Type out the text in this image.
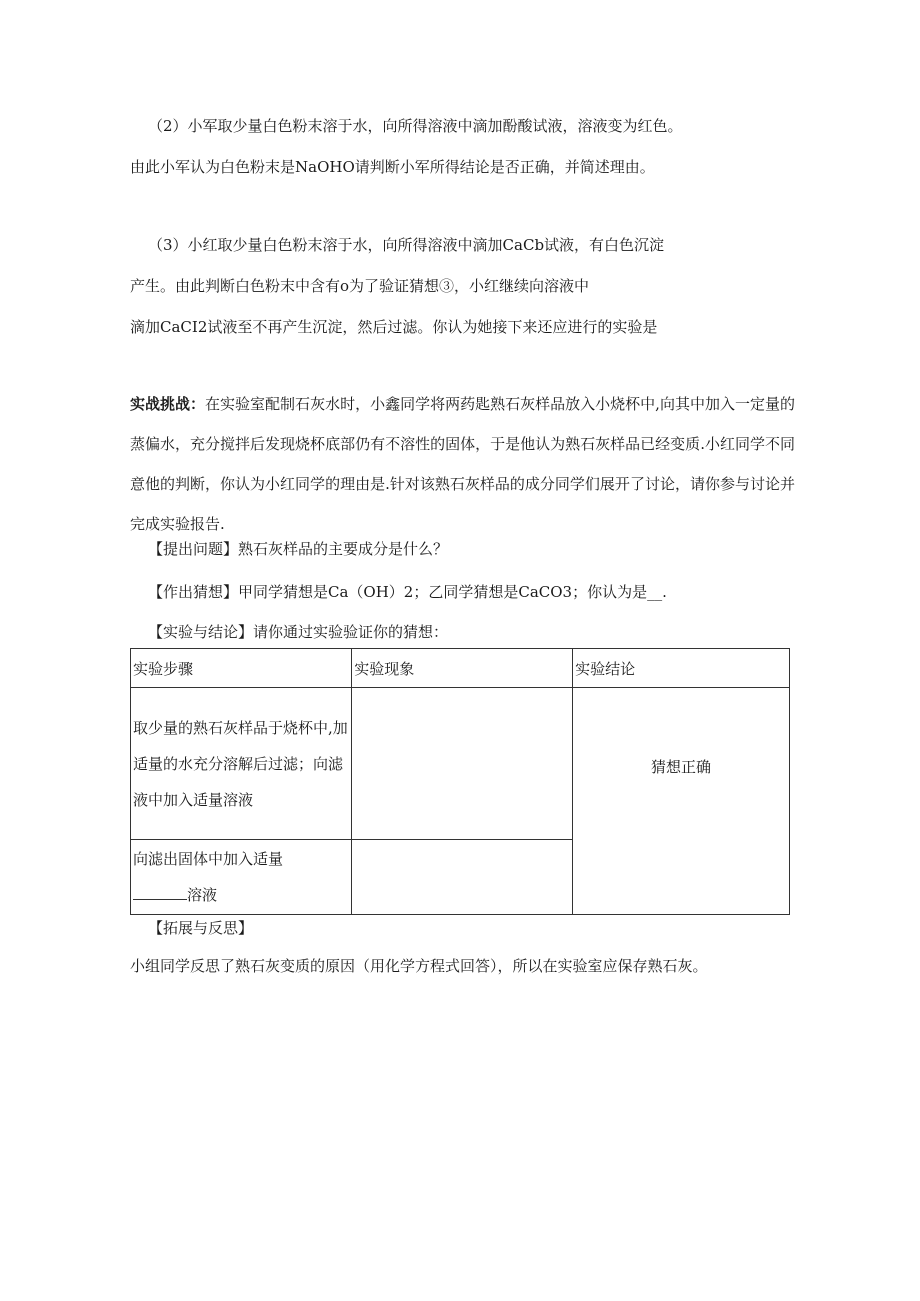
（2）小军取少量白色粉末溶于水，向所得溶液中滴加酚酸试液，溶液变为红色。
由此小军认为白色粉末是NaOHO请判断小军所得结论是否正确，并简述理由。
（3）小红取少量白色粉末溶于水，向所得溶液中滴加CaCb试液，有白色沉淀
产生。由此判断白色粉末中含有o为了验证猜想③，小红继续向溶液中
滴加CaCI2试液至不再产生沉淀，然后过滤。你认为她接下来还应进行的实验是
实战挑战：在实验室配制石灰水时，小鑫同学将两药匙熟石灰样品放入小烧杯中,向其中加入一定量的蒸偏水，充分搅拌后发现烧杯底部仍有不溶性的固体，于是他认为熟石灰样品已经变质.小红同学不同意他的判断，你认为小红同学的理由是.针对该熟石灰样品的成分同学们展开了讨论，请你参与讨论并完成实验报告.
【提出问题】熟石灰样品的主要成分是什么？
【作出猜想】甲同学猜想是Ca（OH）2；乙同学猜想是CaCO3；你认为是__.
【实验与结论】请你通过实验验证你的猜想：
实验步骤	实验现象	实验结论

取少量的熟石灰样品于烧杯中,加适量的水充分溶解后过滤；向滤液中加入适量溶液		猜想正确

向滤出固体中加入适量
溶液		

【拓展与反思】
小组同学反思了熟石灰变质的原因（用化学方程式回答），所以在实验室应保存熟石灰。
